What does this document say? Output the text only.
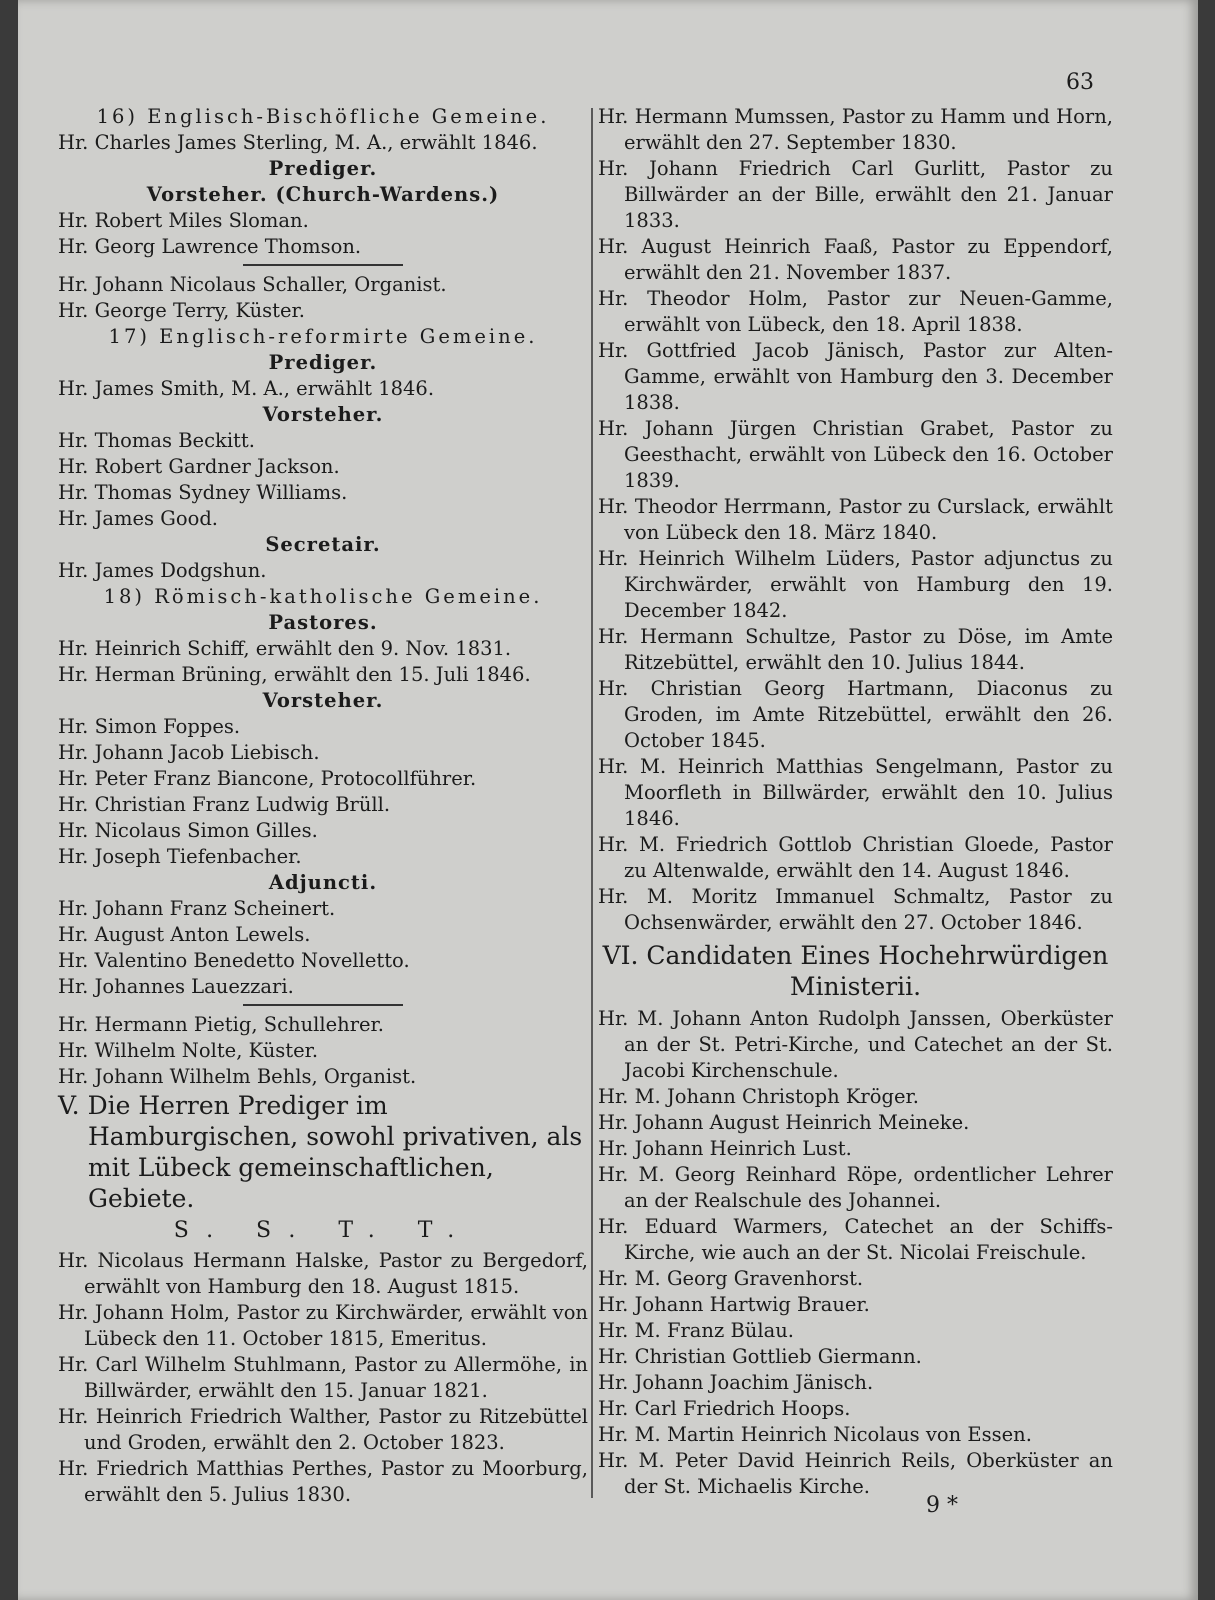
63
16) Englisch-Bischöfliche Gemeine.
Hr. Charles James Sterling, M. A., erwählt 1846.
Prediger.
Vorsteher. (Church-Wardens.)
Hr. Robert Miles Sloman.
Hr. Georg Lawrence Thomson.
Hr. Johann Nicolaus Schaller, Organist.
Hr. George Terry, Küster.
17) Englisch-reformirte Gemeine.
Prediger.
Hr. James Smith, M. A., erwählt 1846.
Vorsteher.
Hr. Thomas Beckitt.
Hr. Robert Gardner Jackson.
Hr. Thomas Sydney Williams.
Hr. James Good.
Secretair.
Hr. James Dodgshun.
18) Römisch-katholische Gemeine.
Pastores.
Hr. Heinrich Schiff, erwählt den 9. Nov. 1831.
Hr. Herman Brüning, erwählt den 15. Juli 1846.
Vorsteher.
Hr. Simon Foppes.
Hr. Johann Jacob Liebisch.
Hr. Peter Franz Biancone, Protocollführer.
Hr. Christian Franz Ludwig Brüll.
Hr. Nicolaus Simon Gilles.
Hr. Joseph Tiefenbacher.
Adjuncti.
Hr. Johann Franz Scheinert.
Hr. August Anton Lewels.
Hr. Valentino Benedetto Novelletto.
Hr. Johannes Lauezzari.
Hr. Hermann Pietig, Schullehrer.
Hr. Wilhelm Nolte, Küster.
Hr. Johann Wilhelm Behls, Organist.
V. Die Herren Prediger im Hamburgischen, sowohl privativen, als mit Lübeck gemeinschaftlichen, Gebiete.
S. S. T. T.
Hr. Nicolaus Hermann Halske, Pastor zu Bergedorf, erwählt von Hamburg den 18. August 1815.
Hr. Johann Holm, Pastor zu Kirchwärder, erwählt von Lübeck den 11. October 1815, Emeritus.
Hr. Carl Wilhelm Stuhlmann, Pastor zu Allermöhe, in Billwärder, erwählt den 15. Januar 1821.
Hr. Heinrich Friedrich Walther, Pastor zu Ritzebüttel und Groden, erwählt den 2. October 1823.
Hr. Friedrich Matthias Perthes, Pastor zu Moorburg, erwählt den 5. Julius 1830.
Hr. Hermann Mumssen, Pastor zu Hamm und Horn, erwählt den 27. September 1830.
Hr. Johann Friedrich Carl Gurlitt, Pastor zu Billwärder an der Bille, erwählt den 21. Januar 1833.
Hr. August Heinrich Faaß, Pastor zu Eppendorf, erwählt den 21. November 1837.
Hr. Theodor Holm, Pastor zur Neuen-Gamme, erwählt von Lübeck, den 18. April 1838.
Hr. Gottfried Jacob Jänisch, Pastor zur Alten-Gamme, erwählt von Hamburg den 3. December 1838.
Hr. Johann Jürgen Christian Grabet, Pastor zu Geesthacht, erwählt von Lübeck den 16. October 1839.
Hr. Theodor Herrmann, Pastor zu Curslack, erwählt von Lübeck den 18. März 1840.
Hr. Heinrich Wilhelm Lüders, Pastor adjunctus zu Kirchwärder, erwählt von Hamburg den 19. December 1842.
Hr. Hermann Schultze, Pastor zu Döse, im Amte Ritzebüttel, erwählt den 10. Julius 1844.
Hr. Christian Georg Hartmann, Diaconus zu Groden, im Amte Ritzebüttel, erwählt den 26. October 1845.
Hr. M. Heinrich Matthias Sengelmann, Pastor zu Moorfleth in Billwärder, erwählt den 10. Julius 1846.
Hr. M. Friedrich Gottlob Christian Gloede, Pastor zu Altenwalde, erwählt den 14. August 1846.
Hr. M. Moritz Immanuel Schmaltz, Pastor zu Ochsenwärder, erwählt den 27. October 1846.
VI. Candidaten Eines Hochehrwürdigen Ministerii.
Hr. M. Johann Anton Rudolph Janssen, Oberküster an der St. Petri-Kirche, und Catechet an der St. Jacobi Kirchenschule.
Hr. M. Johann Christoph Kröger.
Hr. Johann August Heinrich Meineke.
Hr. Johann Heinrich Lust.
Hr. M. Georg Reinhard Röpe, ordentlicher Lehrer an der Realschule des Johannei.
Hr. Eduard Warmers, Catechet an der Schiffs-Kirche, wie auch an der St. Nicolai Freischule.
Hr. M. Georg Gravenhorst.
Hr. Johann Hartwig Brauer.
Hr. M. Franz Bülau.
Hr. Christian Gottlieb Giermann.
Hr. Johann Joachim Jänisch.
Hr. Carl Friedrich Hoops.
Hr. M. Martin Heinrich Nicolaus von Essen.
Hr. M. Peter David Heinrich Reils, Oberküster an der St. Michaelis Kirche.
9 *
